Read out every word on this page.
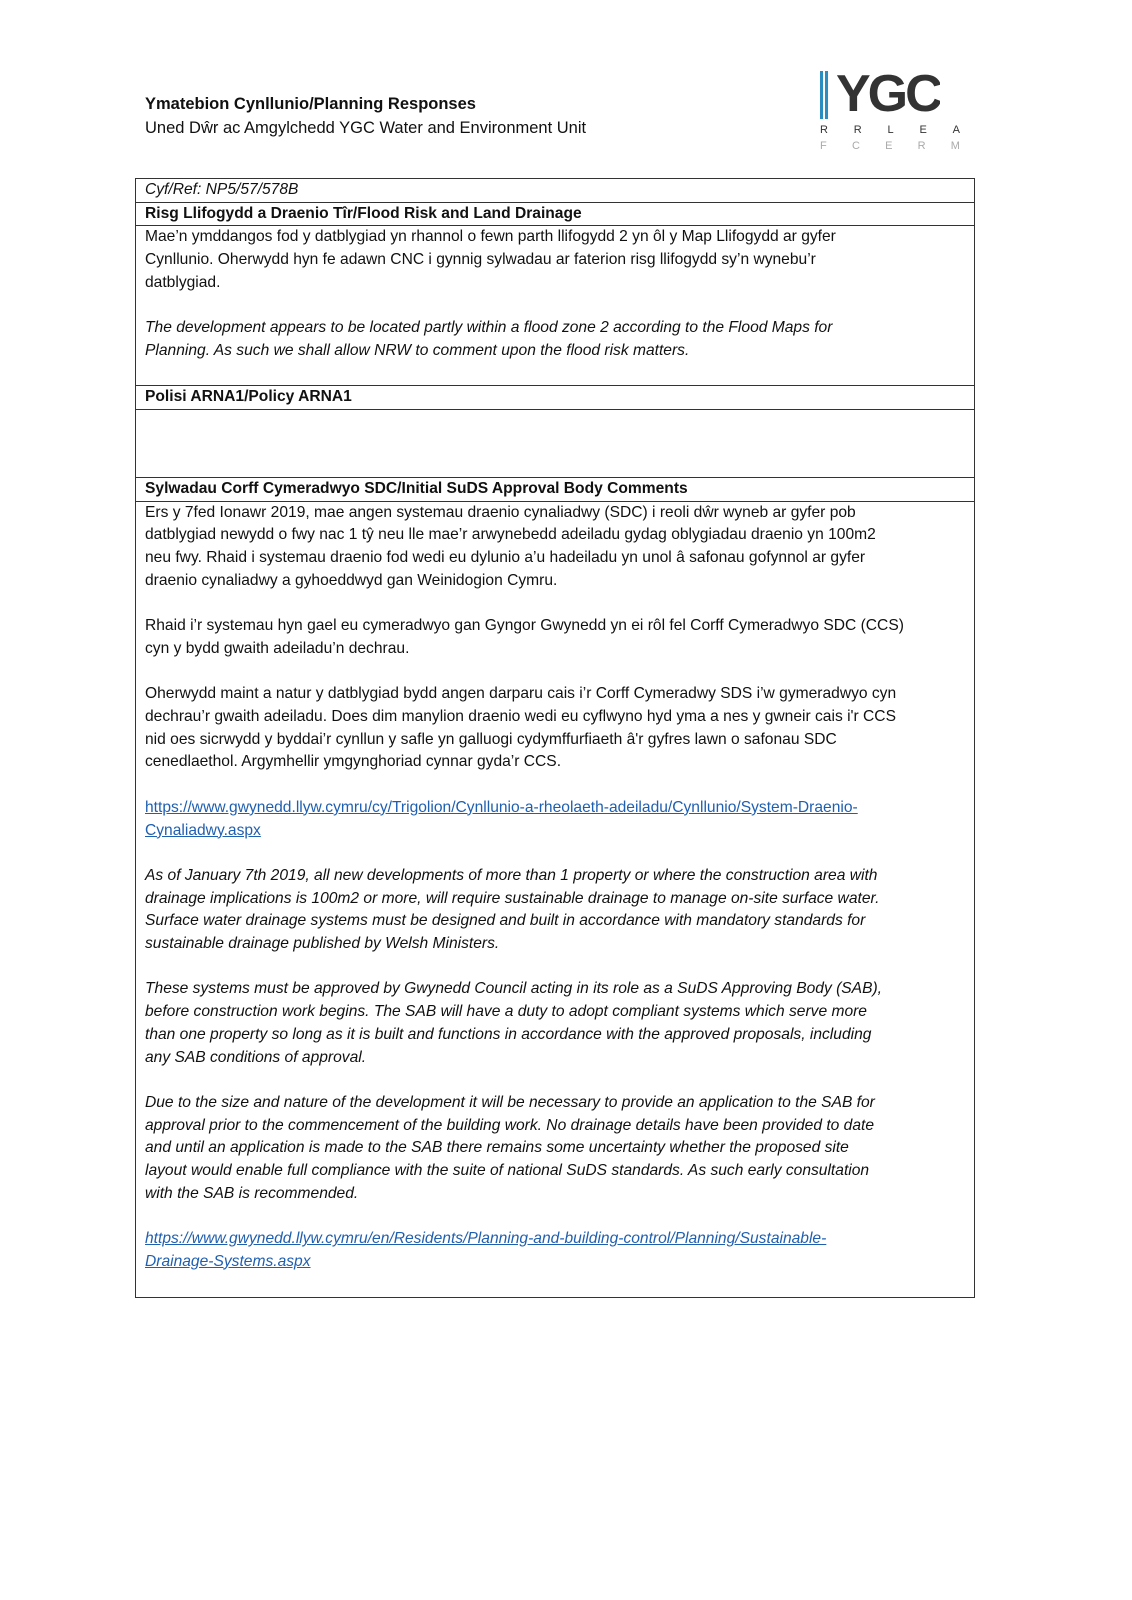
Ymatebion Cynllunio/Planning Responses
Uned Dŵr ac Amgylchedd YGC Water and Environment Unit
YGC
R R L E A
F C E R M
Cyf/Ref: NP5/57/578B
Risg Llifogydd a Draenio Tîr/Flood Risk and Land Drainage
Mae’n ymddangos fod y datblygiad yn rhannol o fewn parth llifogydd 2 yn ôl y Map Llifogydd ar gyfer
Cynllunio. Oherwydd hyn fe adawn CNC i gynnig sylwadau ar faterion risg llifogydd sy’n wynebu’r
datblygiad.
The development appears to be located partly within a flood zone 2 according to the Flood Maps for
Planning. As such we shall allow NRW to comment upon the flood risk matters.
Polisi ARNA1/Policy ARNA1
Sylwadau Corff Cymeradwyo SDC/Initial SuDS Approval Body Comments
Ers y 7fed Ionawr 2019, mae angen systemau draenio cynaliadwy (SDC) i reoli dŵr wyneb ar gyfer pob
datblygiad newydd o fwy nac 1 tŷ neu lle mae’r arwynebedd adeiladu gydag oblygiadau draenio yn 100m2
neu fwy. Rhaid i systemau draenio fod wedi eu dylunio a’u hadeiladu yn unol â safonau gofynnol ar gyfer
draenio cynaliadwy a gyhoeddwyd gan Weinidogion Cymru.
Rhaid i’r systemau hyn gael eu cymeradwyo gan Gyngor Gwynedd yn ei rôl fel Corff Cymeradwyo SDC (CCS)
cyn y bydd gwaith adeiladu’n dechrau.
Oherwydd maint a natur y datblygiad bydd angen darparu cais i’r Corff Cymeradwy SDS i’w gymeradwyo cyn
dechrau’r gwaith adeiladu. Does dim manylion draenio wedi eu cyflwyno hyd yma a nes y gwneir cais i'r CCS
nid oes sicrwydd y byddai’r cynllun y safle yn galluogi cydymffurfiaeth â'r gyfres lawn o safonau SDC
cenedlaethol. Argymhellir ymgynghoriad cynnar gyda’r CCS.
https://www.gwynedd.llyw.cymru/cy/Trigolion/Cynllunio-a-rheolaeth-adeiladu/Cynllunio/System-Draenio-
Cynaliadwy.aspx
As of January 7th 2019, all new developments of more than 1 property or where the construction area with
drainage implications is 100m2 or more, will require sustainable drainage to manage on-site surface water.
Surface water drainage systems must be designed and built in accordance with mandatory standards for
sustainable drainage published by Welsh Ministers.
These systems must be approved by Gwynedd Council acting in its role as a SuDS Approving Body (SAB),
before construction work begins. The SAB will have a duty to adopt compliant systems which serve more
than one property so long as it is built and functions in accordance with the approved proposals, including
any SAB conditions of approval.
Due to the size and nature of the development it will be necessary to provide an application to the SAB for
approval prior to the commencement of the building work. No drainage details have been provided to date
and until an application is made to the SAB there remains some uncertainty whether the proposed site
layout would enable full compliance with the suite of national SuDS standards. As such early consultation
with the SAB is recommended.
https://www.gwynedd.llyw.cymru/en/Residents/Planning-and-building-control/Planning/Sustainable-
Drainage-Systems.aspx
